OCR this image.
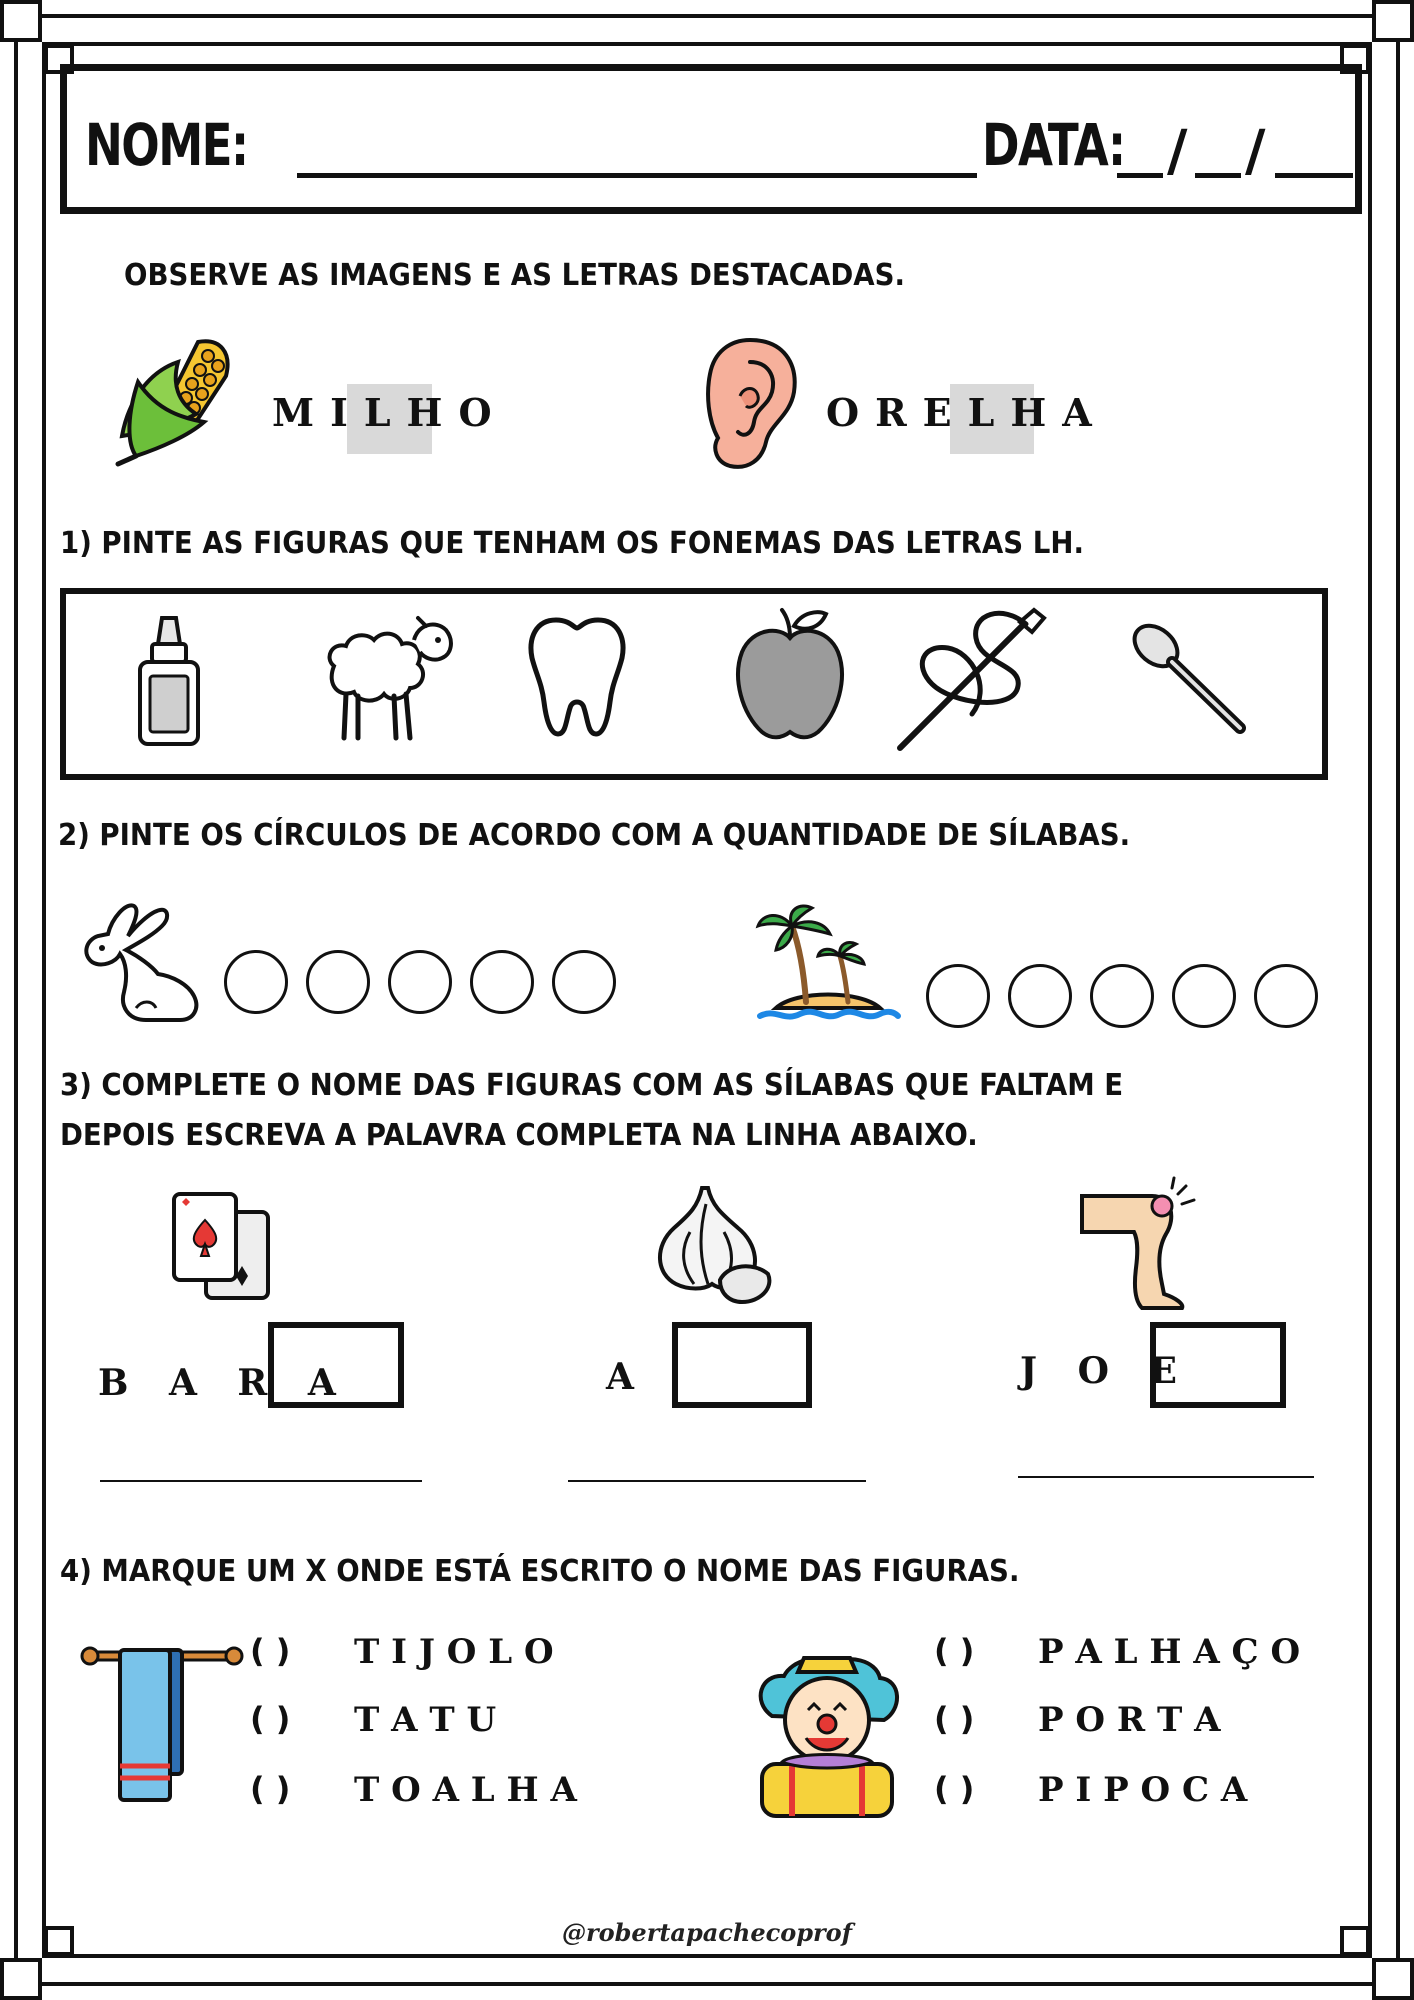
NOME:	DATA: / /
OBSERVE AS IMAGENS E AS LETRAS DESTACADAS.
MILHO	ORELHA
1) PINTE AS FIGURAS QUE TENHAM OS FONEMAS DAS LETRAS LH.
2) PINTE OS CÍRCULOS DE ACORDO COM A QUANTIDADE DE SÍLABAS.
3) COMPLETE O NOME DAS FIGURAS COM AS SÍLABAS QUE FALTAM E
DEPOIS ESCREVA A PALAVRA COMPLETA NA LINHA ABAIXO.
B A R A	A	J O E
4) MARQUE UM X ONDE ESTÁ ESCRITO O NOME DAS FIGURAS.
( ) T I J O L O
( ) T A T U
( ) T O A L H A
( ) P A L H A Ç O
( ) P O R T A
( ) P I P O C A
@robertapachecoprof
